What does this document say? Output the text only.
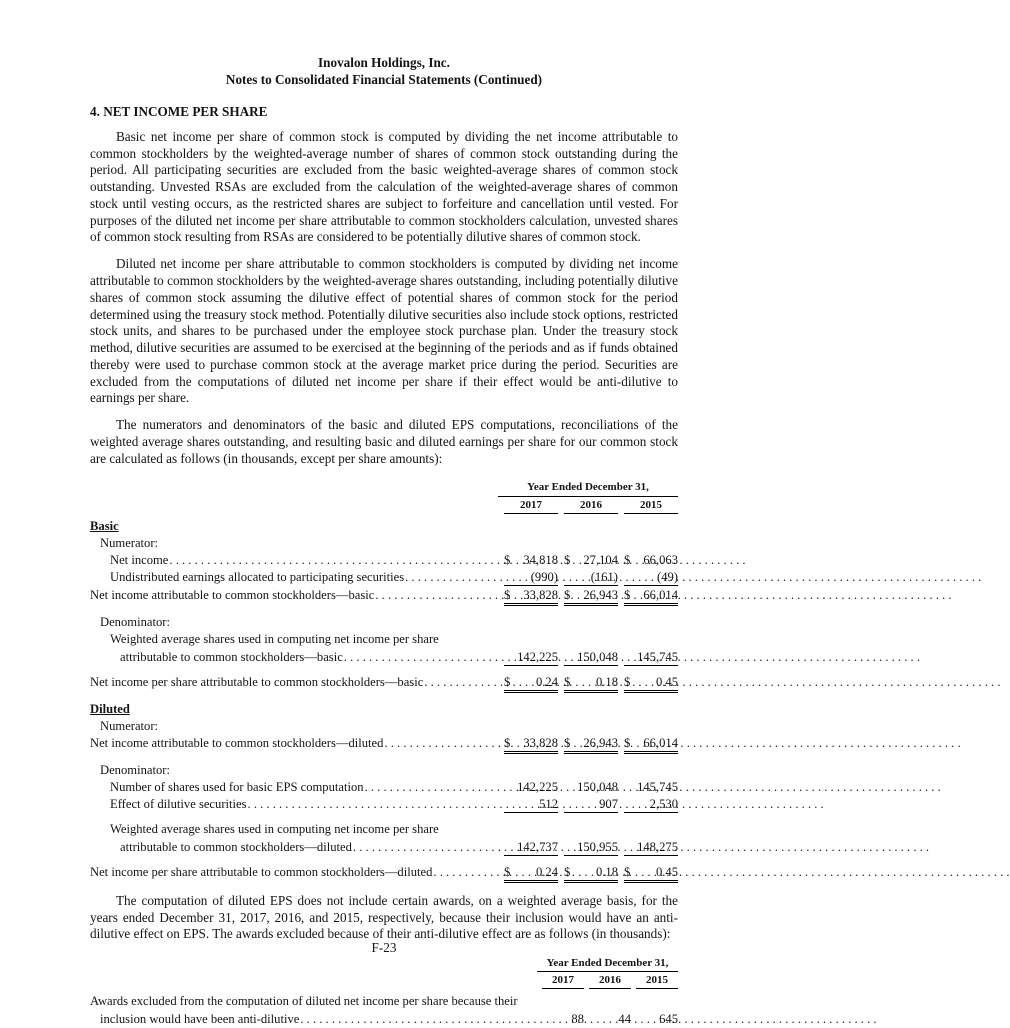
Inovalon Holdings, Inc.
Notes to Consolidated Financial Statements (Continued)
4. NET INCOME PER SHARE

Basic net income per share of common stock is computed by dividing the net income attributable to common stockholders by the weighted-average number of shares of common stock outstanding during the period. All participating securities are excluded from the basic weighted-average shares of common stock outstanding. Unvested RSAs are excluded from the calculation of the weighted-average shares of common stock until vesting occurs, as the restricted shares are subject to forfeiture and cancellation until vested. For purposes of the diluted net income per share attributable to common stockholders calculation, unvested shares of common stock resulting from RSAs are considered to be potentially dilutive shares of common stock.

Diluted net income per share attributable to common stockholders is computed by dividing net income attributable to common stockholders by the weighted-average shares outstanding, including potentially dilutive shares of common stock assuming the dilutive effect of potential shares of common stock for the period determined using the treasury stock method. Potentially dilutive securities also include stock options, restricted stock units, and shares to be purchased under the employee stock purchase plan. Under the treasury stock method, dilutive securities are assumed to be exercised at the beginning of the periods and as if funds obtained thereby were used to purchase common stock at the average market price during the period. Securities are excluded from the computations of diluted net income per share if their effect would be anti-dilutive to earnings per share.

The numerators and denominators of the basic and diluted EPS computations, reconciliations of the weighted average shares outstanding, and resulting basic and diluted earnings per share for our common stock are calculated as follows (in thousands, except per share amounts):

Year Ended December 31,
2017	2016	2015
Basic
Numerator:
Net income . . .	$ 34,818 $ 27,104 $ 66,063
Undistributed earnings allocated to participating securities . . .	(990)	(161)	(49)
Net income attributable to common stockholders—basic . . .	$ 33,828 $ 26,943 $ 66,014
Denominator:
Weighted average shares used in computing net income per share
attributable to common stockholders—basic . . .	142,225 150,048 145,745
Net income per share attributable to common stockholders—basic . . .	$ 0.24 $ 0.18 $ 0.45
Diluted
Numerator:
Net income attributable to common stockholders—diluted . . .	$ 33,828 $ 26,943 $ 66,014
Denominator:
Number of shares used for basic EPS computation . . .	142,225 150,048 145,745
Effect of dilutive securities . . .	512	907	2,530
Weighted average shares used in computing net income per share
attributable to common stockholders—diluted . . .	142,737 150,955 148,275
Net income per share attributable to common stockholders—diluted . . .	$ 0.24 $ 0.18 $ 0.45

The computation of diluted EPS does not include certain awards, on a weighted average basis, for the years ended December 31, 2017, 2016, and 2015, respectively, because their inclusion would have an anti-dilutive effect on EPS. The awards excluded because of their anti-dilutive effect are as follows (in thousands):

Year Ended December 31,
2017	2016	2015
Awards excluded from the computation of diluted net income per share because their
inclusion would have been anti-dilutive . . .	88	44 645
F-23
